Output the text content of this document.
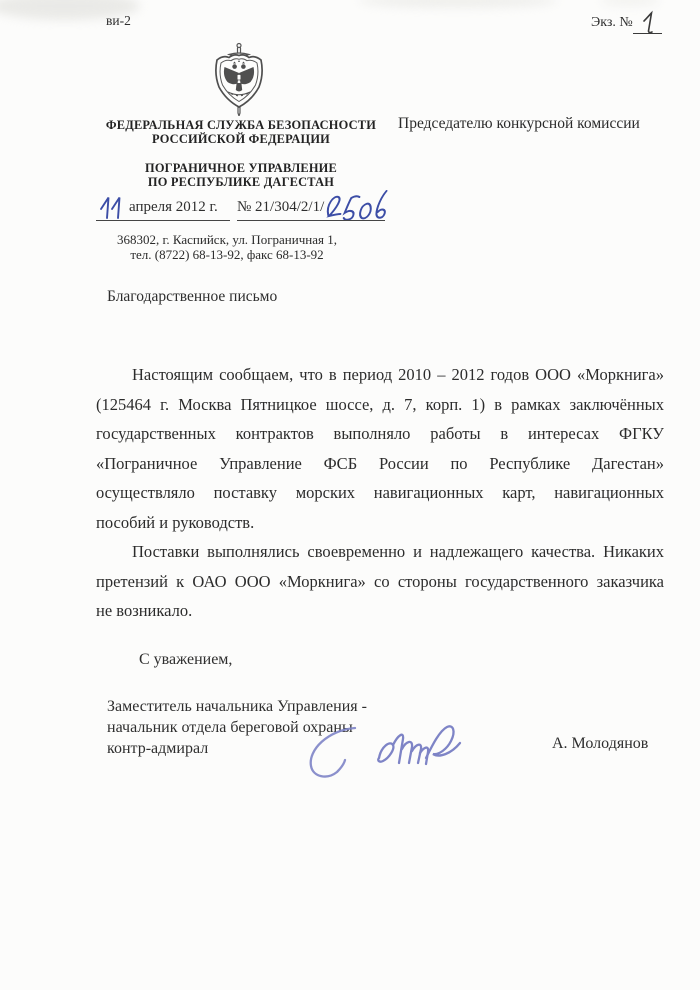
ви-2	Экз. №
ФЕДЕРАЛЬНАЯ СЛУЖБА БЕЗОПАСНОСТИ
РОССИЙСКОЙ ФЕДЕРАЦИИ
ПОГРАНИЧНОЕ УПРАВЛЕНИЕ
ПО РЕСПУБЛИКЕ ДАГЕСТАН
Председателю конкурсной комиссии
апреля 2012 г. № 21/304/2/1/
368302, г. Каспийск, ул. Пограничная 1,
тел. (8722) 68-13-92, факс 68-13-92
Благодарственное письмо
Настоящим сообщаем, что в период 2010 – 2012 годов ООО «Моркнига»
(125464 г. Москва Пятницкое шоссе, д. 7, корп. 1) в рамках заключённых
государственных контрактов выполняло работы в интересах ФГКУ
«Пограничное Управление ФСБ России по Республике Дагестан»
осуществляло поставку морских навигационных карт, навигационных
пособий и руководств.
Поставки выполнялись своевременно и надлежащего качества. Никаких
претензий к ОАО ООО «Моркнига» со стороны государственного заказчика
не возникало.
С уважением,
Заместитель начальника Управления -
начальник отдела береговой охраны
контр-адмирал	А. Молодянов
